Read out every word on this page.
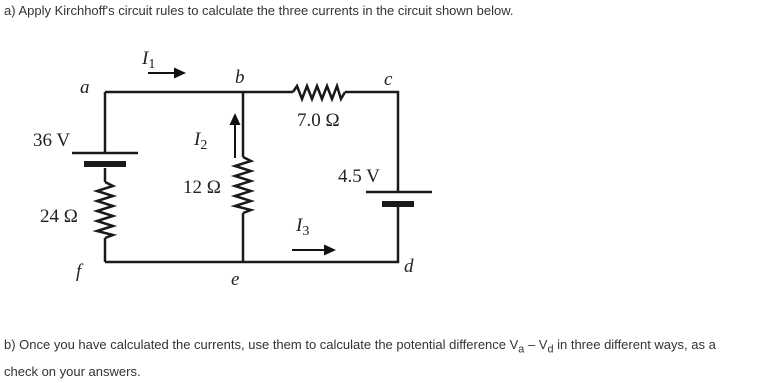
a) Apply Kirchhoff's circuit rules to calculate the three currents in the circuit shown below.
a	b	c
d
e
f
$I_1$
$I_2$
$I_3$
36 V
24 Ω
12 Ω
7.0 Ω
4.5 V
b) Once you have calculated the currents, use them to calculate the potential difference $V_a - V_d$ in three different ways, as a
check on your answers.
